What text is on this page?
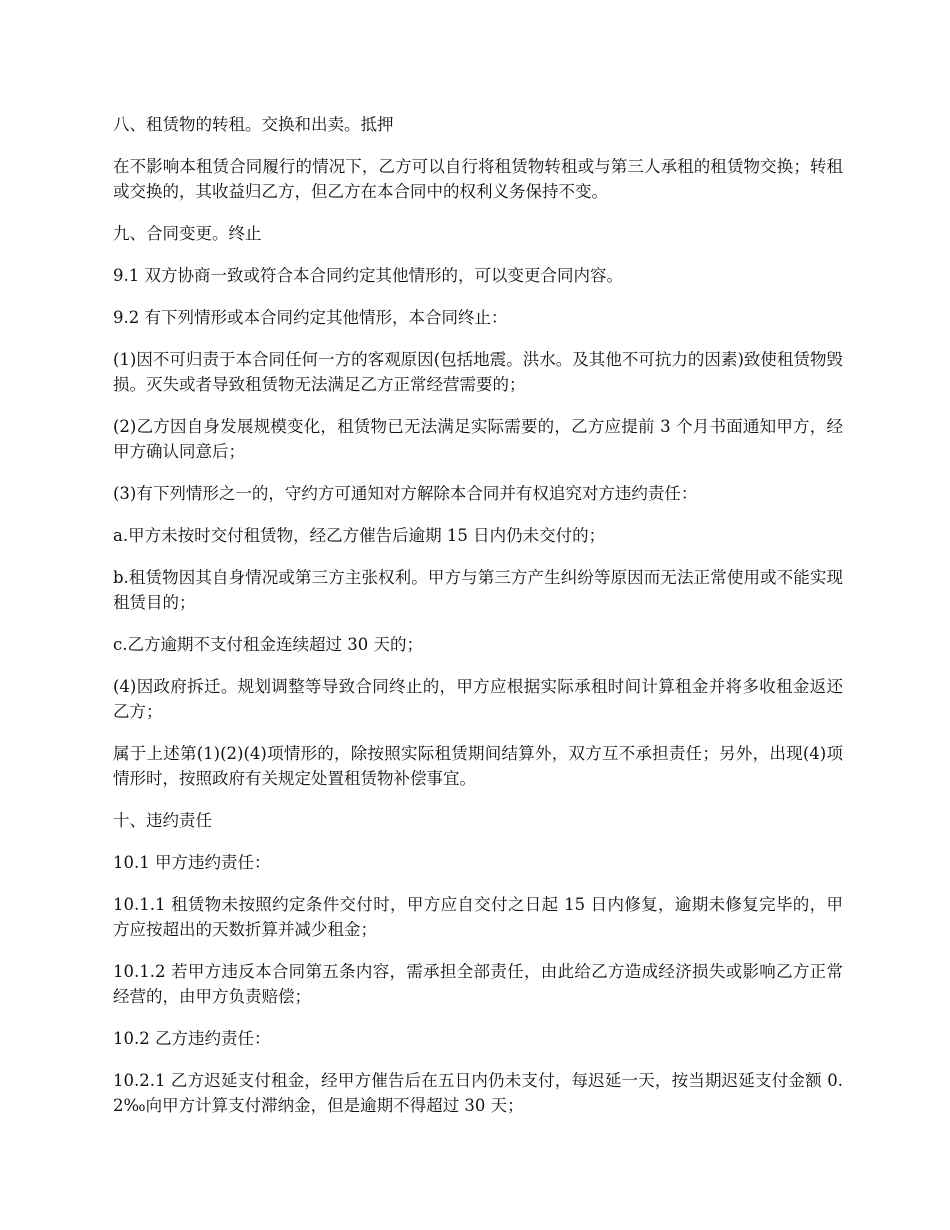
八、租赁物的转租。交换和出卖。抵押

在不影响本租赁合同履行的情况下，乙方可以自行将租赁物转租或与第三人承租的租赁物交换；转租或交换的，其收益归乙方，但乙方在本合同中的权利义务保持不变。

九、合同变更。终止

9.1 双方协商一致或符合本合同约定其他情形的，可以变更合同内容。

9.2 有下列情形或本合同约定其他情形，本合同终止：

(1)因不可归责于本合同任何一方的客观原因(包括地震。洪水。及其他不可抗力的因素)致使租赁物毁损。灭失或者导致租赁物无法满足乙方正常经营需要的；

(2)乙方因自身发展规模变化，租赁物已无法满足实际需要的，乙方应提前 3 个月书面通知甲方，经甲方确认同意后；

(3)有下列情形之一的，守约方可通知对方解除本合同并有权追究对方违约责任：

a.甲方未按时交付租赁物，经乙方催告后逾期 15 日内仍未交付的；

b.租赁物因其自身情况或第三方主张权利。甲方与第三方产生纠纷等原因而无法正常使用或不能实现租赁目的；

c.乙方逾期不支付租金连续超过 30 天的；

(4)因政府拆迁。规划调整等导致合同终止的，甲方应根据实际承租时间计算租金并将多收租金返还乙方；

属于上述第(1)(2)(4)项情形的，除按照实际租赁期间结算外，双方互不承担责任；另外，出现(4)项情形时，按照政府有关规定处置租赁物补偿事宜。

十、违约责任

10.1 甲方违约责任：

10.1.1 租赁物未按照约定条件交付时，甲方应自交付之日起 15 日内修复，逾期未修复完毕的，甲方应按超出的天数折算并减少租金；

10.1.2 若甲方违反本合同第五条内容，需承担全部责任，由此给乙方造成经济损失或影响乙方正常经营的，由甲方负责赔偿；

10.2 乙方违约责任：

10.2.1 乙方迟延支付租金，经甲方催告后在五日内仍未支付，每迟延一天，按当期迟延支付金额 0.2‰向甲方计算支付滞纳金，但是逾期不得超过 30 天；
